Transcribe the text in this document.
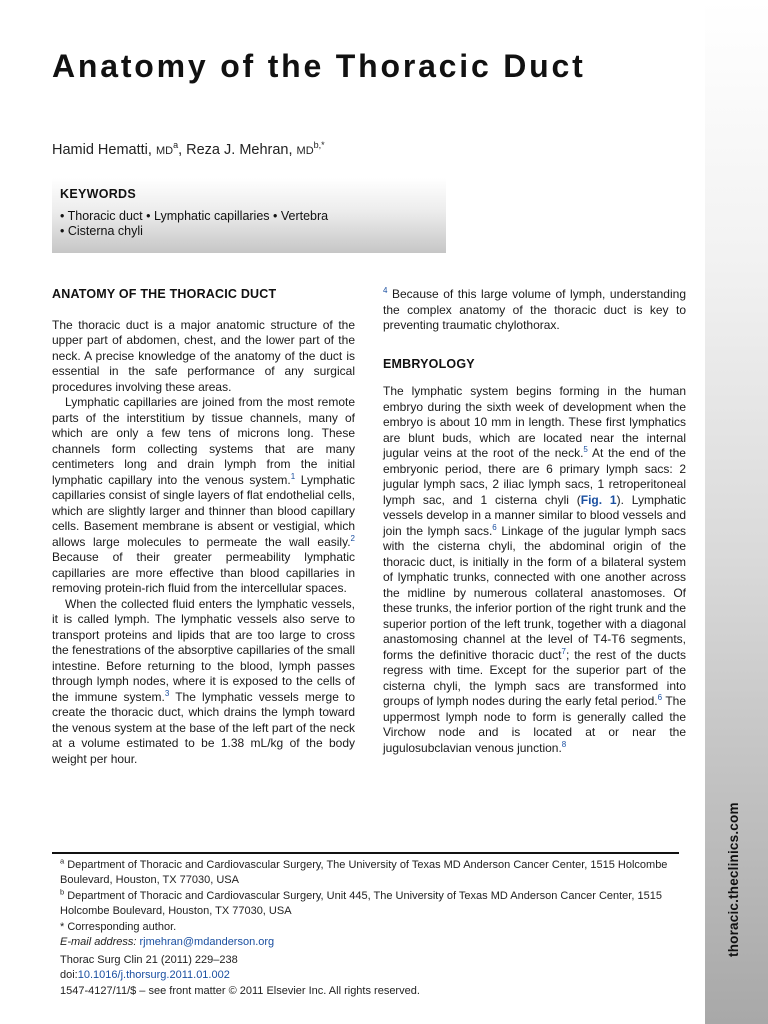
Anatomy of the Thoracic Duct
Hamid Hematti, $MD^a$, Reza J. Mehran, $MD^{b,*}$
KEYWORDS
• Thoracic duct • Lymphatic capillaries • Vertebra
• Cisterna chyli
ANATOMY OF THE THORACIC DUCT

The thoracic duct is a major anatomic structure of the upper part of abdomen, chest, and the lower part of the neck. A precise knowledge of the anatomy of the duct is essential in the safe performance of any surgical procedures involving these areas.

Lymphatic capillaries are joined from the most remote parts of the interstitium by tissue channels, many of which are only a few tens of microns long. These channels form collecting systems that are many centimeters long and drain lymph from the initial lymphatic capillary into the venous system.$^1$ Lymphatic capillaries consist of single layers of flat endothelial cells, which are slightly larger and thinner than blood capillary cells. Basement membrane is absent or vestigial, which allows large molecules to permeate the wall easily.$^2$ Because of their greater permeability lymphatic capillaries are more effective than blood capillaries in removing protein-rich fluid from the intercellular spaces.

When the collected fluid enters the lymphatic vessels, it is called lymph. The lymphatic vessels also serve to transport proteins and lipids that are too large to cross the fenestrations of the absorptive capillaries of the small intestine. Before returning to the blood, lymph passes through lymph nodes, where it is exposed to the cells of the immune system.$^3$ The lymphatic vessels merge to create the thoracic duct, which drains the lymph toward the venous system at the base of the left part of the neck at a volume estimated to be 1.38 mL/kg of the body weight per hour.

$^4$ Because of this large volume of lymph, understanding the complex anatomy of the thoracic duct is key to preventing traumatic chylothorax.

EMBRYOLOGY

The lymphatic system begins forming in the human embryo during the sixth week of development when the embryo is about 10 mm in length. These first lymphatics are blunt buds, which are located near the internal jugular veins at the root of the neck.$^5$ At the end of the embryonic period, there are 6 primary lymph sacs: 2 jugular lymph sacs, 2 iliac lymph sacs, 1 retroperitoneal lymph sac, and 1 cisterna chyli (Fig. 1). Lymphatic vessels develop in a manner similar to blood vessels and join the lymph sacs.$^6$ Linkage of the jugular lymph sacs with the cisterna chyli, the abdominal origin of the thoracic duct, is initially in the form of a bilateral system of lymphatic trunks, connected with one another across the midline by numerous collateral anastomoses. Of these trunks, the inferior portion of the right trunk and the superior portion of the left trunk, together with a diagonal anastomosing channel at the level of T4-T6 segments, forms the definitive thoracic duct$^7$; the rest of the ducts regress with time. Except for the superior part of the cisterna chyli, the lymph sacs are transformed into groups of lymph nodes during the early fetal period.$^6$ The uppermost lymph node to form is generally called the Virchow node and is located at or near the jugulosubclavian venous junction.$^8$

$^a$ Department of Thoracic and Cardiovascular Surgery, The University of Texas MD Anderson Cancer Center, 1515 Holcombe Boulevard, Houston, TX 77030, USA

$^b$ Department of Thoracic and Cardiovascular Surgery, Unit 445, The University of Texas MD Anderson Cancer Center, 1515 Holcombe Boulevard, Houston, TX 77030, USA

* Corresponding author.

E-mail address: rjmehran@mdanderson.org

Thorac Surg Clin 21 (2011) 229–238

doi:10.1016/j.thorsurg.2011.01.002

1547-4127/11/$ – see front matter © 2011 Elsevier Inc. All rights reserved.
